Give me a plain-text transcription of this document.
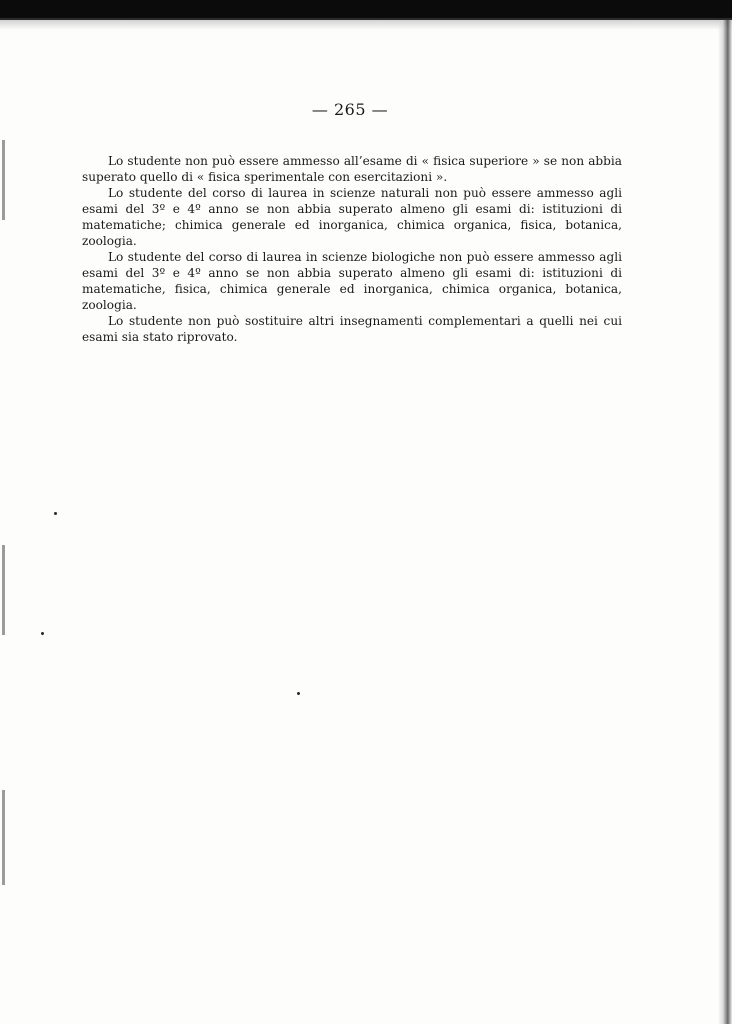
— 265 —

Lo studente non può essere ammesso all’esame di « fisica superiore » se non abbia superato quello di « fisica sperimentale con esercitazioni ».

Lo studente del corso di laurea in scienze naturali non può essere ammesso agli esami del 3º e 4º anno se non abbia superato almeno gli esami di: istituzioni di matematiche; chimica generale ed inorganica, chimica organica, fisica, botanica, zoologia.

Lo studente del corso di laurea in scienze biologiche non può essere ammesso agli esami del 3º e 4º anno se non abbia superato almeno gli esami di: istituzioni di matematiche, fisica, chimica generale ed inorganica, chimica organica, botanica, zoologia.

Lo studente non può sostituire altri insegnamenti complementari a quelli nei cui esami sia stato riprovato.
